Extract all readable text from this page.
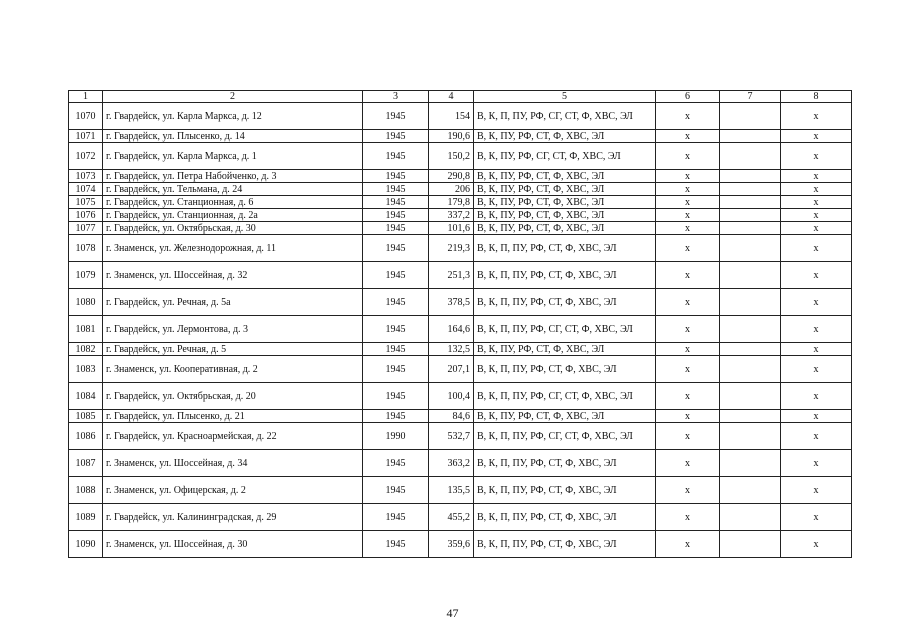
1	2	3	4	5	6	7	8
1070	г. Гвардейск, ул. Карла Маркса, д. 12	1945	154	В, К, П, ПУ, РФ, СГ, СТ, Ф, ХВС, ЭЛ	х		х
1071	г. Гвардейск, ул. Плысенко, д. 14	1945	190,6	В, К, ПУ, РФ, СТ, Ф, ХВС, ЭЛ	х		х
1072	г. Гвардейск, ул. Карла Маркса, д. 1	1945	150,2	В, К, ПУ, РФ, СГ, СТ, Ф, ХВС, ЭЛ	х		х
1073	г. Гвардейск, ул. Петра Набойченко, д. 3	1945	290,8	В, К, ПУ, РФ, СТ, Ф, ХВС, ЭЛ	х		х
1074	г. Гвардейск, ул. Тельмана, д. 24	1945	206	В, К, ПУ, РФ, СТ, Ф, ХВС, ЭЛ	х		х
1075	г. Гвардейск, ул. Станционная, д. 6	1945	179,8	В, К, ПУ, РФ, СТ, Ф, ХВС, ЭЛ	х		х
1076	г. Гвардейск, ул. Станционная, д. 2а	1945	337,2	В, К, ПУ, РФ, СТ, Ф, ХВС, ЭЛ	х		х
1077	г. Гвардейск, ул. Октябрьская, д. 30	1945	101,6	В, К, ПУ, РФ, СТ, Ф, ХВС, ЭЛ	х		х
1078	г. Знаменск, ул. Железнодорожная, д. 11	1945	219,3	В, К, П, ПУ, РФ, СТ, Ф, ХВС, ЭЛ	х		х
1079	г. Знаменск, ул. Шоссейная, д. 32	1945	251,3	В, К, П, ПУ, РФ, СТ, Ф, ХВС, ЭЛ	х		х
1080	г. Гвардейск, ул. Речная, д. 5а	1945	378,5	В, К, П, ПУ, РФ, СТ, Ф, ХВС, ЭЛ	х		х
1081	г. Гвардейск, ул. Лермонтова, д. 3	1945	164,6	В, К, П, ПУ, РФ, СГ, СТ, Ф, ХВС, ЭЛ	х		х
1082	г. Гвардейск, ул. Речная, д. 5	1945	132,5	В, К, ПУ, РФ, СТ, Ф, ХВС, ЭЛ	х		х
1083	г. Знаменск, ул. Кооперативная, д. 2	1945	207,1	В, К, П, ПУ, РФ, СТ, Ф, ХВС, ЭЛ	х		х
1084	г. Гвардейск, ул. Октябрьская, д. 20	1945	100,4	В, К, П, ПУ, РФ, СГ, СТ, Ф, ХВС, ЭЛ	х		х
1085	г. Гвардейск, ул. Плысенко, д. 21	1945	84,6	В, К, ПУ, РФ, СТ, Ф, ХВС, ЭЛ	х		х
1086	г. Гвардейск, ул. Красноармейская, д. 22	1990	532,7	В, К, П, ПУ, РФ, СГ, СТ, Ф, ХВС, ЭЛ	х		х
1087	г. Знаменск, ул. Шоссейная, д. 34	1945	363,2	В, К, П, ПУ, РФ, СТ, Ф, ХВС, ЭЛ	х		х
1088	г. Знаменск, ул. Офицерская, д. 2	1945	135,5	В, К, П, ПУ, РФ, СТ, Ф, ХВС, ЭЛ	х		х
1089	г. Гвардейск, ул. Калининградская, д. 29	1945	455,2	В, К, П, ПУ, РФ, СТ, Ф, ХВС, ЭЛ	х		х
1090	г. Знаменск, ул. Шоссейная, д. 30	1945	359,6	В, К, П, ПУ, РФ, СТ, Ф, ХВС, ЭЛ	х		х
47
